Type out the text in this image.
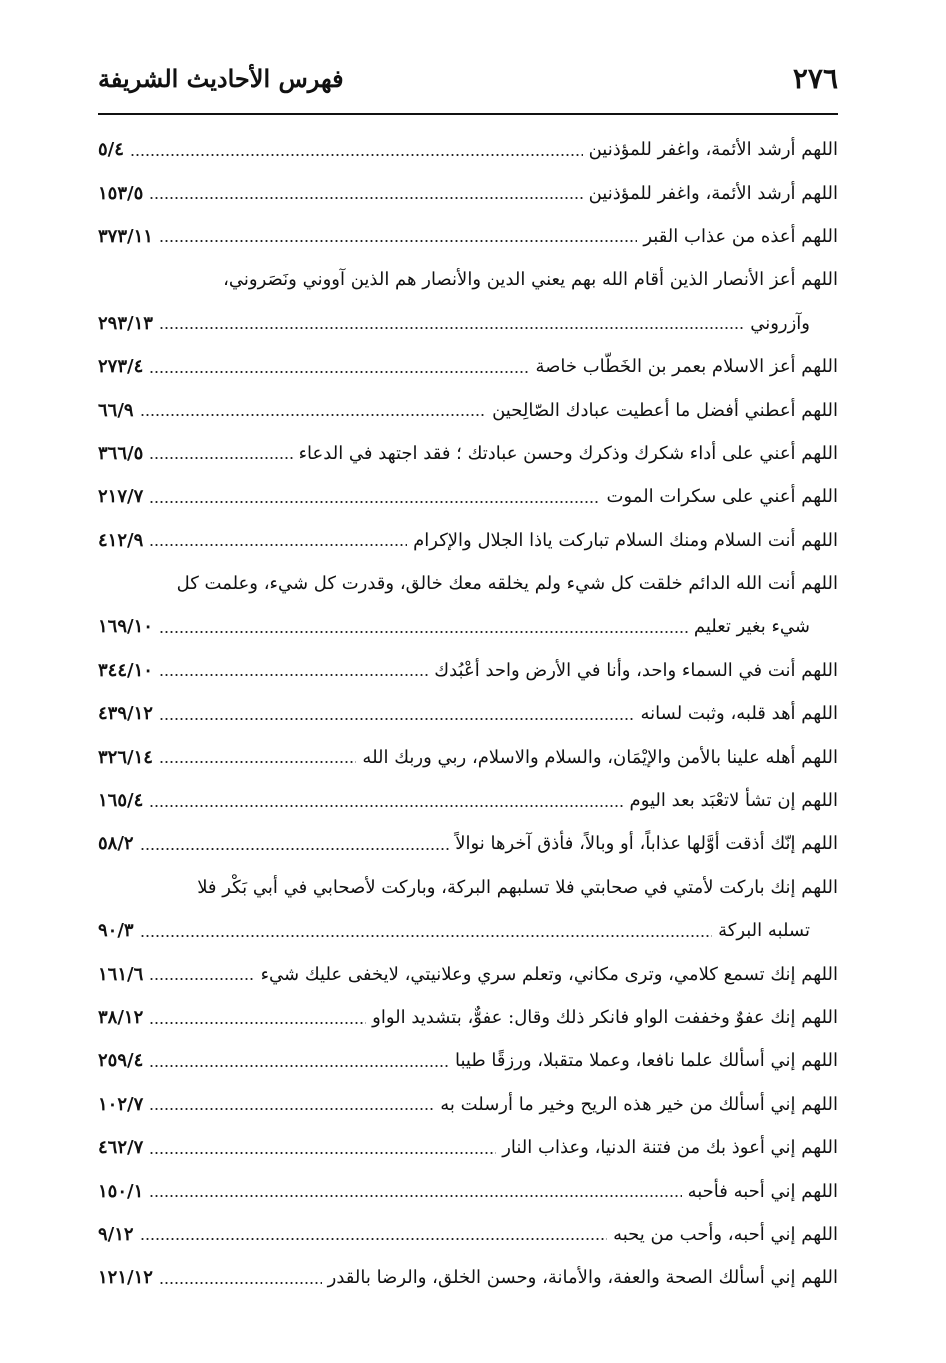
٢٧٦
فهرس الأحاديث الشريفة
اللهم أرشد الأئمة، واغفر للمؤذنين
٥/٤
اللهم أرشد الأئمة، واغفر للمؤذنين
١٥٣/٥
اللهم أعذه من عذاب القبر
٣٧٣/١١
اللهم أعز الأنصار الذين أقام الله بهم يعني الدين والأنصار هم الذين آووني ونَصَروني،
وآزروني
٢٩٣/١٣
اللهم أعز الاسلام بعمر بن الخَطّاب خاصة
٢٧٣/٤
اللهم أعطني أفضل ما أعطيت عبادك الصّالِحين
٦٦/٩
اللهم أعني على أداء شكرك وذكرك وحسن عبادتك ؛ فقد اجتهد في الدعاء
٣٦٦/٥
اللهم أعني على سكرات الموت
٢١٧/٧
اللهم أنت السلام ومنك السلام تباركت ياذا الجلال والإكرام
٤١٢/٩
اللهم أنت الله الدائم خلقت كل شيء ولم يخلقه معك خالق، وقدرت كل شيء، وعلمت كل
شيء بغير تعليم
١٦٩/١٠
اللهم أنت في السماء واحد، وأنا في الأرض واحد أعْبُدك
٣٤٤/١٠
اللهم أهد قلبه، وثبت لسانه
٤٣٩/١٢
اللهم أهله علينا بالأمن والإيْمَان، والسلام والاسلام، ربي وربك الله
٣٢٦/١٤
اللهم إن تشأ لاتعْبَد بعد اليوم
١٦٥/٤
اللهم إنّك أذقت أوَّلها عذاباً، أو وبالاً، فأذق آخرها نوالاً
٥٨/٢
اللهم إنك باركت لأمتي في صحابتي فلا تسلبهم البركة، وباركت لأصحابي في أبي بَكْر فلا
تسلبه البركة
٩٠/٣
اللهم إنك تسمع كلامي، وترى مكاني، وتعلم سري وعلانيتي، لايخفى عليك شيء
١٦١/٦
اللهم إنك عفوٌ وخففت الواو فانكر ذلك وقال: عفوٌّ، بتشديد الواو
٣٨/١٢
اللهم إني أسألك علما نافعا، وعملا متقبلا، ورزقًا طيبا
٢٥٩/٤
اللهم إني أسألك من خير هذه الريح وخير ما أرسلت به
١٠٢/٧
اللهم إني أعوذ بك من فتنة الدنيا، وعذاب النار
٤٦٢/٧
اللهم إني أحبه فأحبه
١٥٠/١
اللهم إني أحبه، وأحب من يحبه
٩/١٢
اللهم إني أسألك الصحة والعفة، والأمانة، وحسن الخلق، والرضا بالقدر
١٢١/١٢
